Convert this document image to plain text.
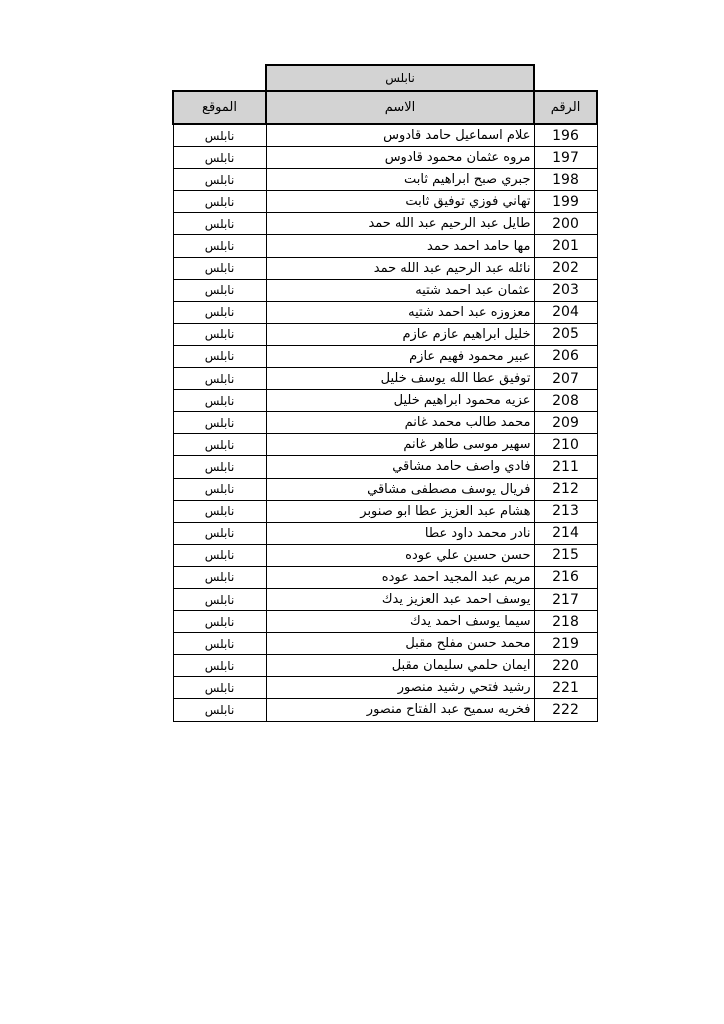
	نابلس	
الرقم	الاسم	الموقع
196	علام اسماعيل حامد قادوس	نابلس
197	مروه عثمان محمود قادوس	نابلس
198	جبري صبح ابراهيم ثابت	نابلس
199	تهاني فوزي توفيق ثابت	نابلس
200	طايل عبد الرحيم عبد الله حمد	نابلس
201	مها حامد احمد حمد	نابلس
202	نائله عبد الرحيم عبد الله حمد	نابلس
203	عثمان عبد احمد شتيه	نابلس
204	معزوزه عبد احمد شتيه	نابلس
205	خليل ابراهيم عازم عازم	نابلس
206	عبير محمود فهيم عازم	نابلس
207	توفيق عطا الله يوسف خليل	نابلس
208	عزيه محمود ابراهيم خليل	نابلس
209	محمد طالب محمد غانم	نابلس
210	سهير موسى طاهر غانم	نابلس
211	فادي واصف حامد مشاقي	نابلس
212	فريال يوسف مصطفى مشاقي	نابلس
213	هشام عبد العزيز عطا ابو صنوبر	نابلس
214	نادر محمد داود عطا	نابلس
215	حسن حسين علي عوده	نابلس
216	مريم عبد المجيد احمد عوده	نابلس
217	يوسف احمد عبد العزيز يدك	نابلس
218	سيما يوسف احمد يدك	نابلس
219	محمد حسن مفلح مقبل	نابلس
220	ايمان حلمي سليمان مقبل	نابلس
221	رشيد فتحي رشيد منصور	نابلس
222	فخريه سميح عبد الفتاح منصور	نابلس
